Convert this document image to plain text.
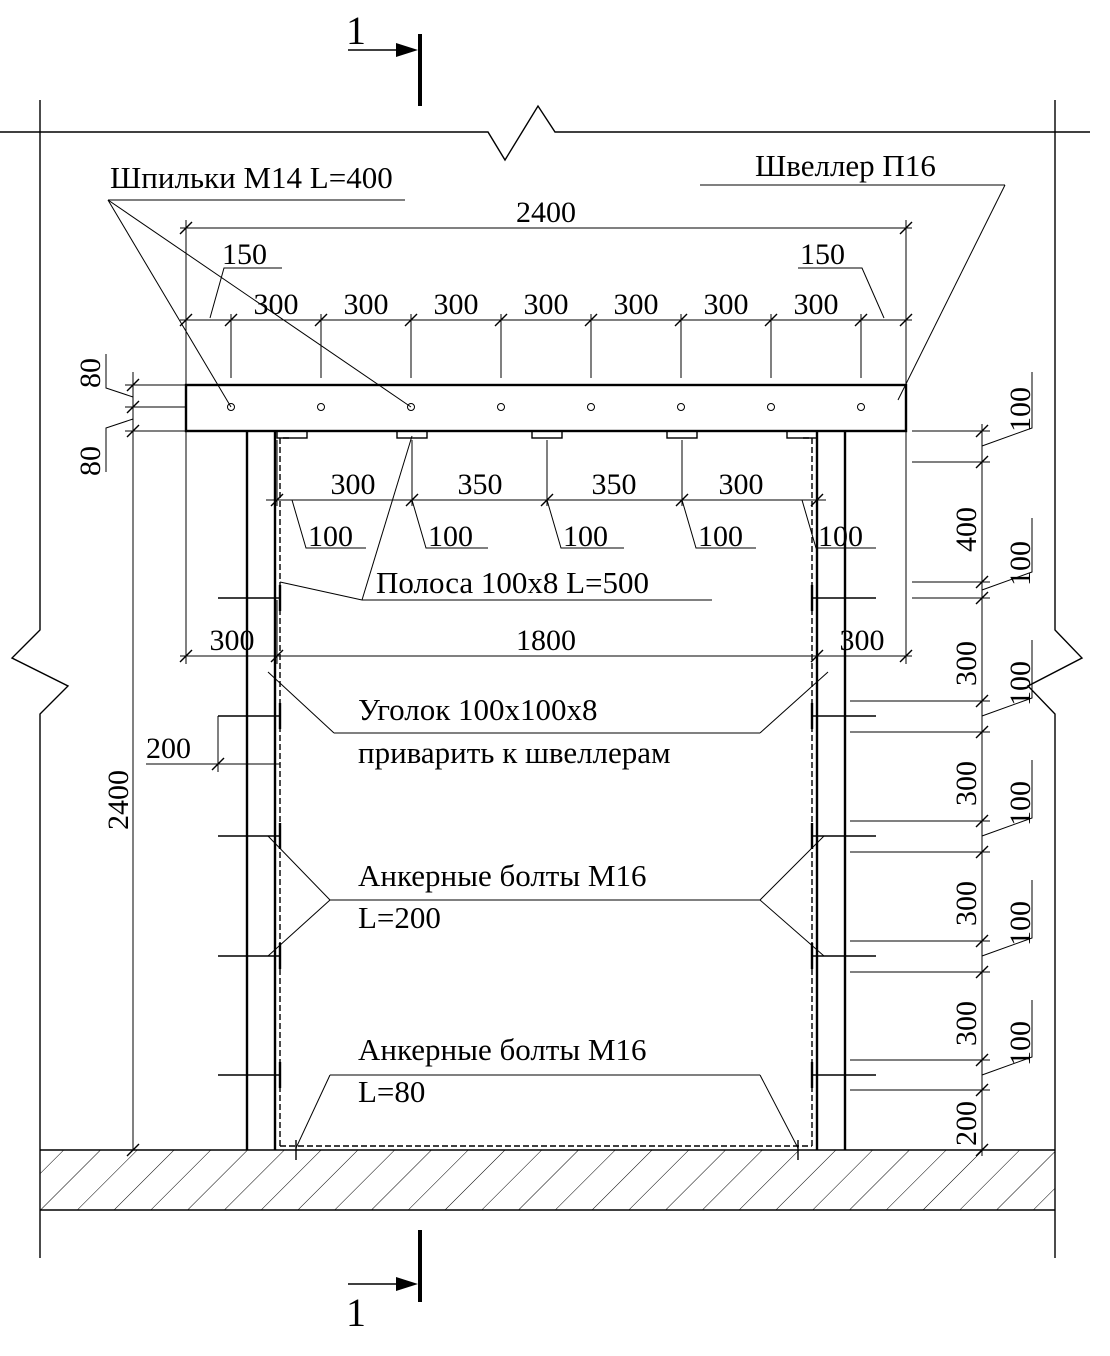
1
1
2400
300 300 300 300 300 300 300
150	150
80
80
300	350	350	300
100	100	100	100	100
300	1800	300
200
2400
100
400
100
300 100
300 100
300 100
300 100
200
Шпильки М14 L=400	Швеллер П16
Полоса 100х8 L=500
Уголок 100х100х8
приварить к швеллерам
Анкерные болты М16
L=200
Анкерные болты М16
L=80
